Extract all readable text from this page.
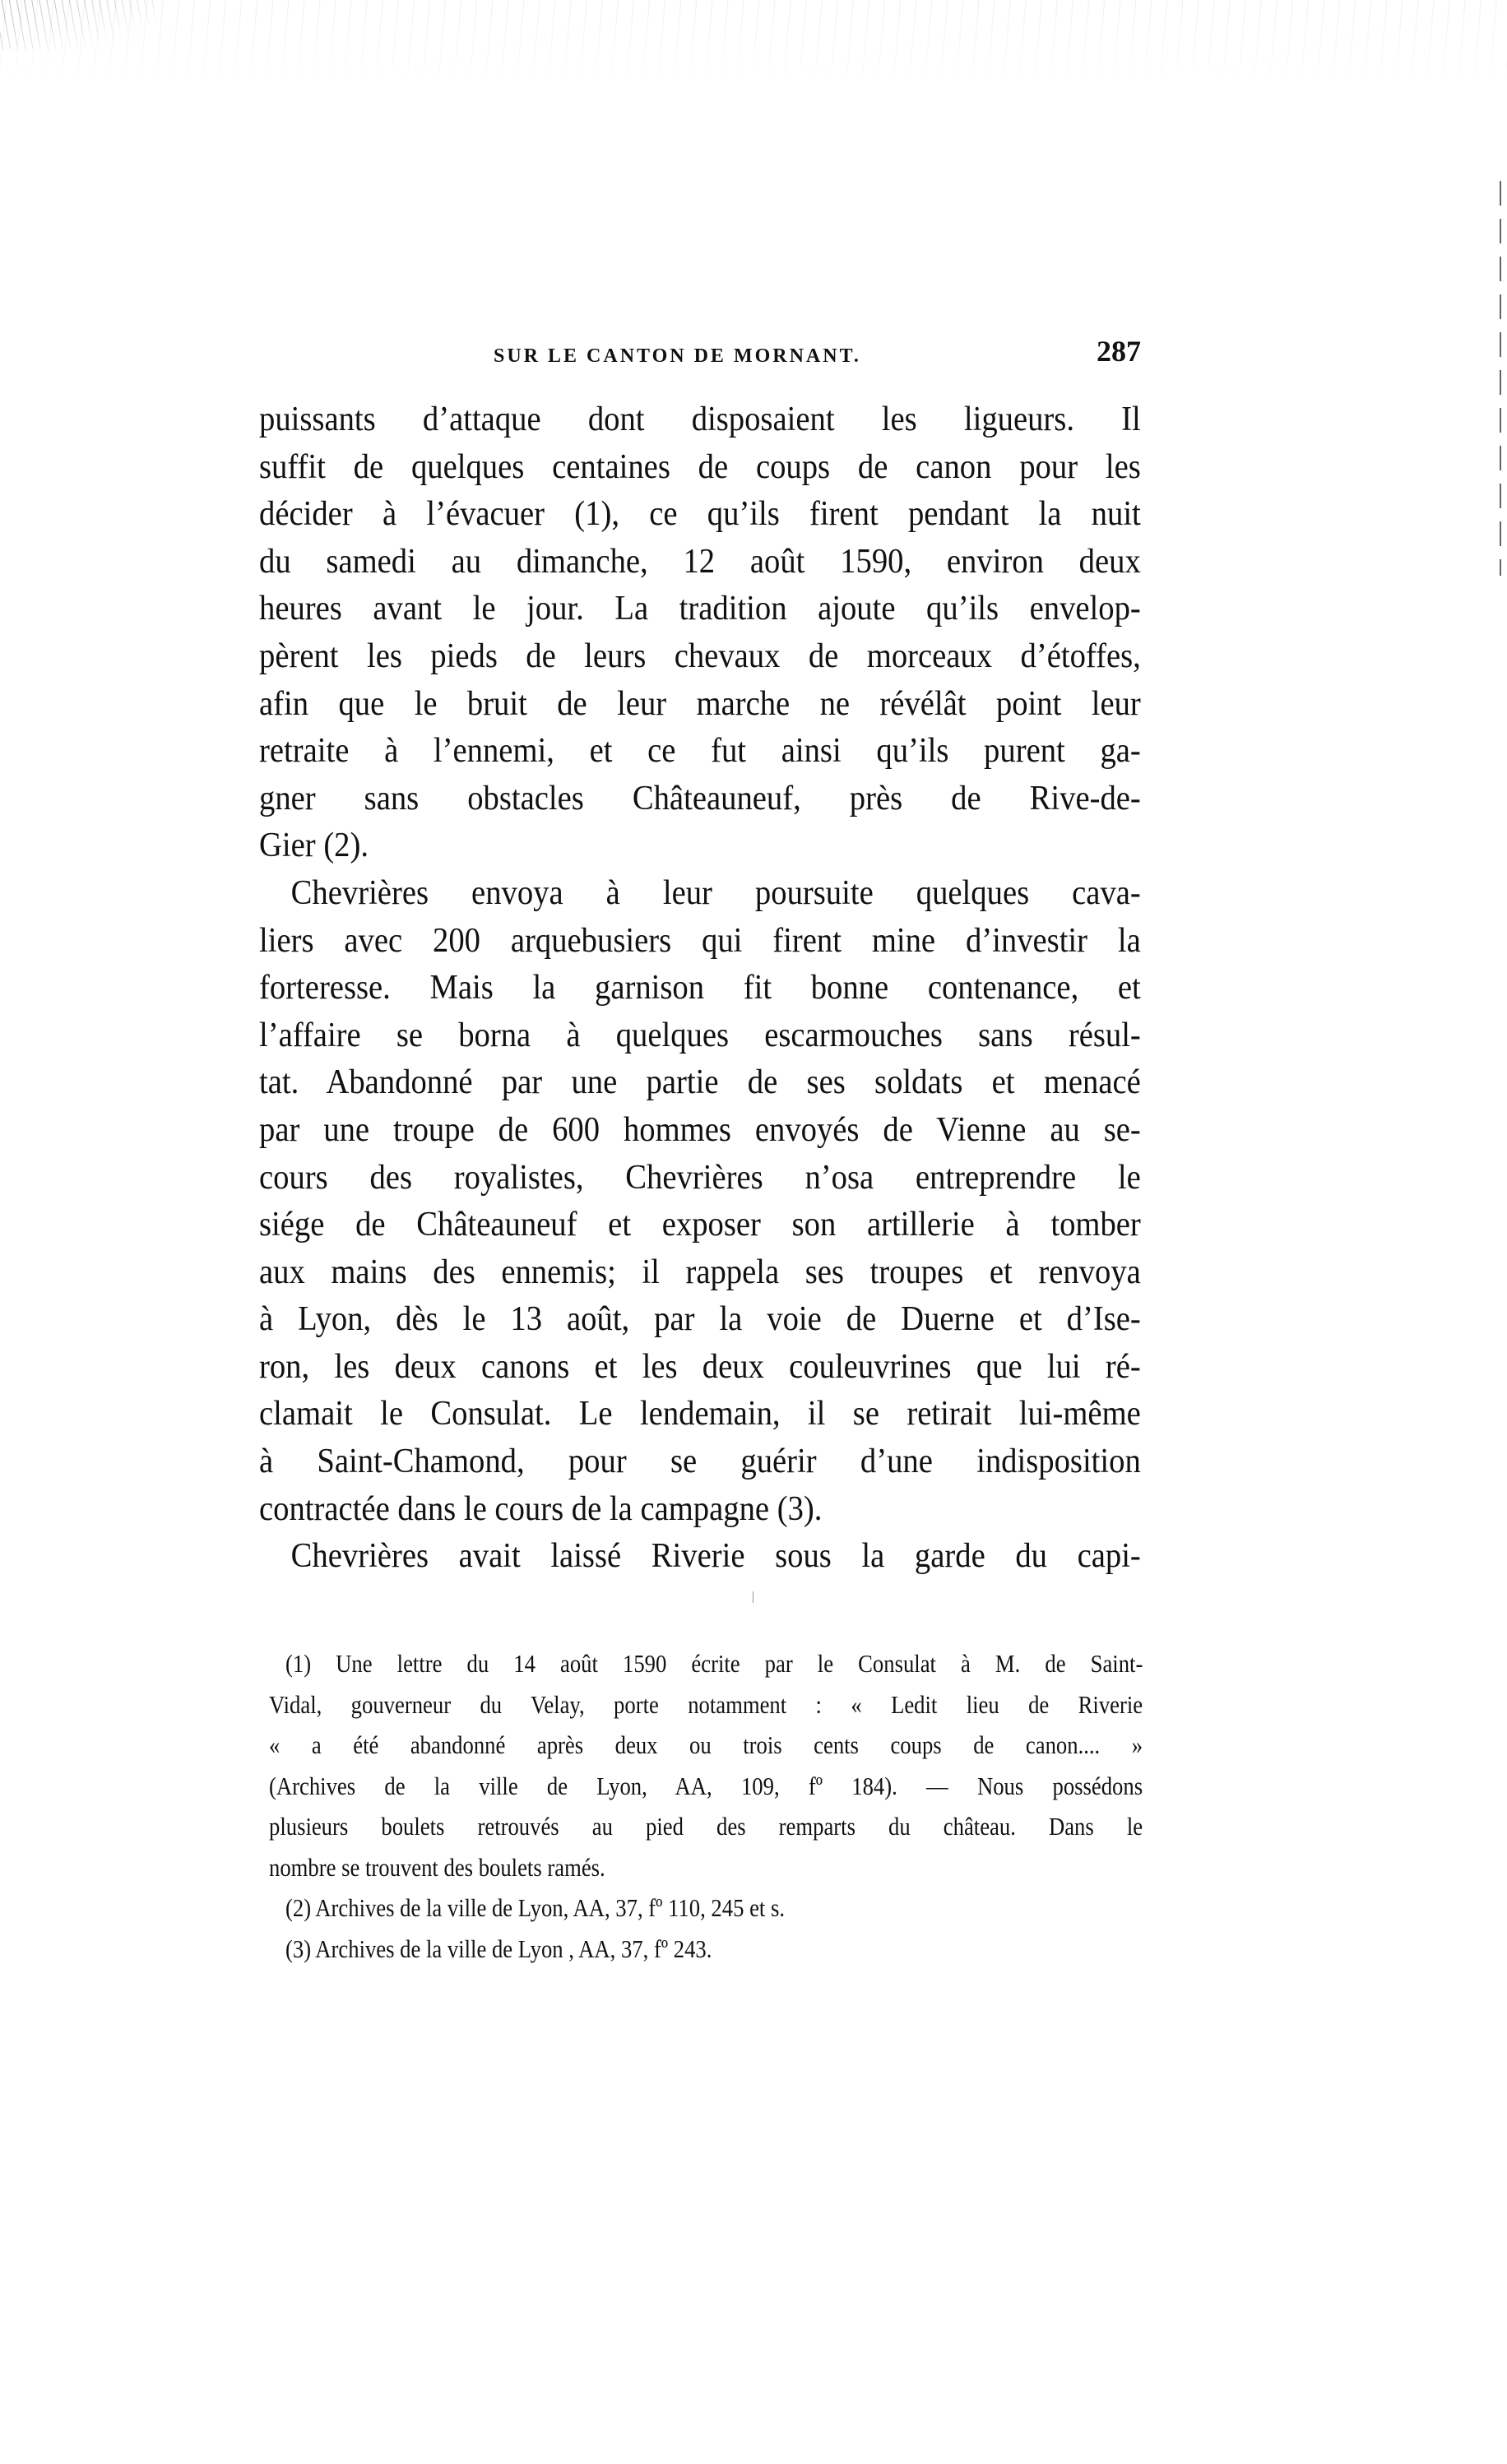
SUR LE CANTON DE MORNANT.	287
puissants d’attaque dont disposaient les ligueurs. Il
suffit de quelques centaines de coups de canon pour les
décider à l’évacuer (1), ce qu’ils firent pendant la nuit
du samedi au dimanche, 12 août 1590, environ deux
heures avant le jour. La tradition ajoute qu’ils envelop-
pèrent les pieds de leurs chevaux de morceaux d’étoffes,
afin que le bruit de leur marche ne révélât point leur
retraite à l’ennemi, et ce fut ainsi qu’ils purent ga-
gner sans obstacles Châteauneuf, près de Rive-de-
Gier (2).
Chevrières envoya à leur poursuite quelques cava-
liers avec 200 arquebusiers qui firent mine d’investir la
forteresse. Mais la garnison fit bonne contenance, et
l’affaire se borna à quelques escarmouches sans résul-
tat. Abandonné par une partie de ses soldats et menacé
par une troupe de 600 hommes envoyés de Vienne au se-
cours des royalistes, Chevrières n’osa entreprendre le
siége de Châteauneuf et exposer son artillerie à tomber
aux mains des ennemis; il rappela ses troupes et renvoya
à Lyon, dès le 13 août, par la voie de Duerne et d’Ise-
ron, les deux canons et les deux couleuvrines que lui ré-
clamait le Consulat. Le lendemain, il se retirait lui-même
à Saint-Chamond, pour se guérir d’une indisposition
contractée dans le cours de la campagne (3).
Chevrières avait laissé Riverie sous la garde du capi-
(1) Une lettre du 14 août 1590 écrite par le Consulat à M. de Saint-
Vidal, gouverneur du Velay, porte notamment : « Ledit lieu de Riverie
« a été abandonné après deux ou trois cents coups de canon.... »
(Archives de la ville de Lyon, AA, 109, fº 184). — Nous possédons
plusieurs boulets retrouvés au pied des remparts du château. Dans le
nombre se trouvent des boulets ramés.
(2) Archives de la ville de Lyon, AA, 37, fº 110, 245 et s.
(3) Archives de la ville de Lyon , AA, 37, fº 243.
